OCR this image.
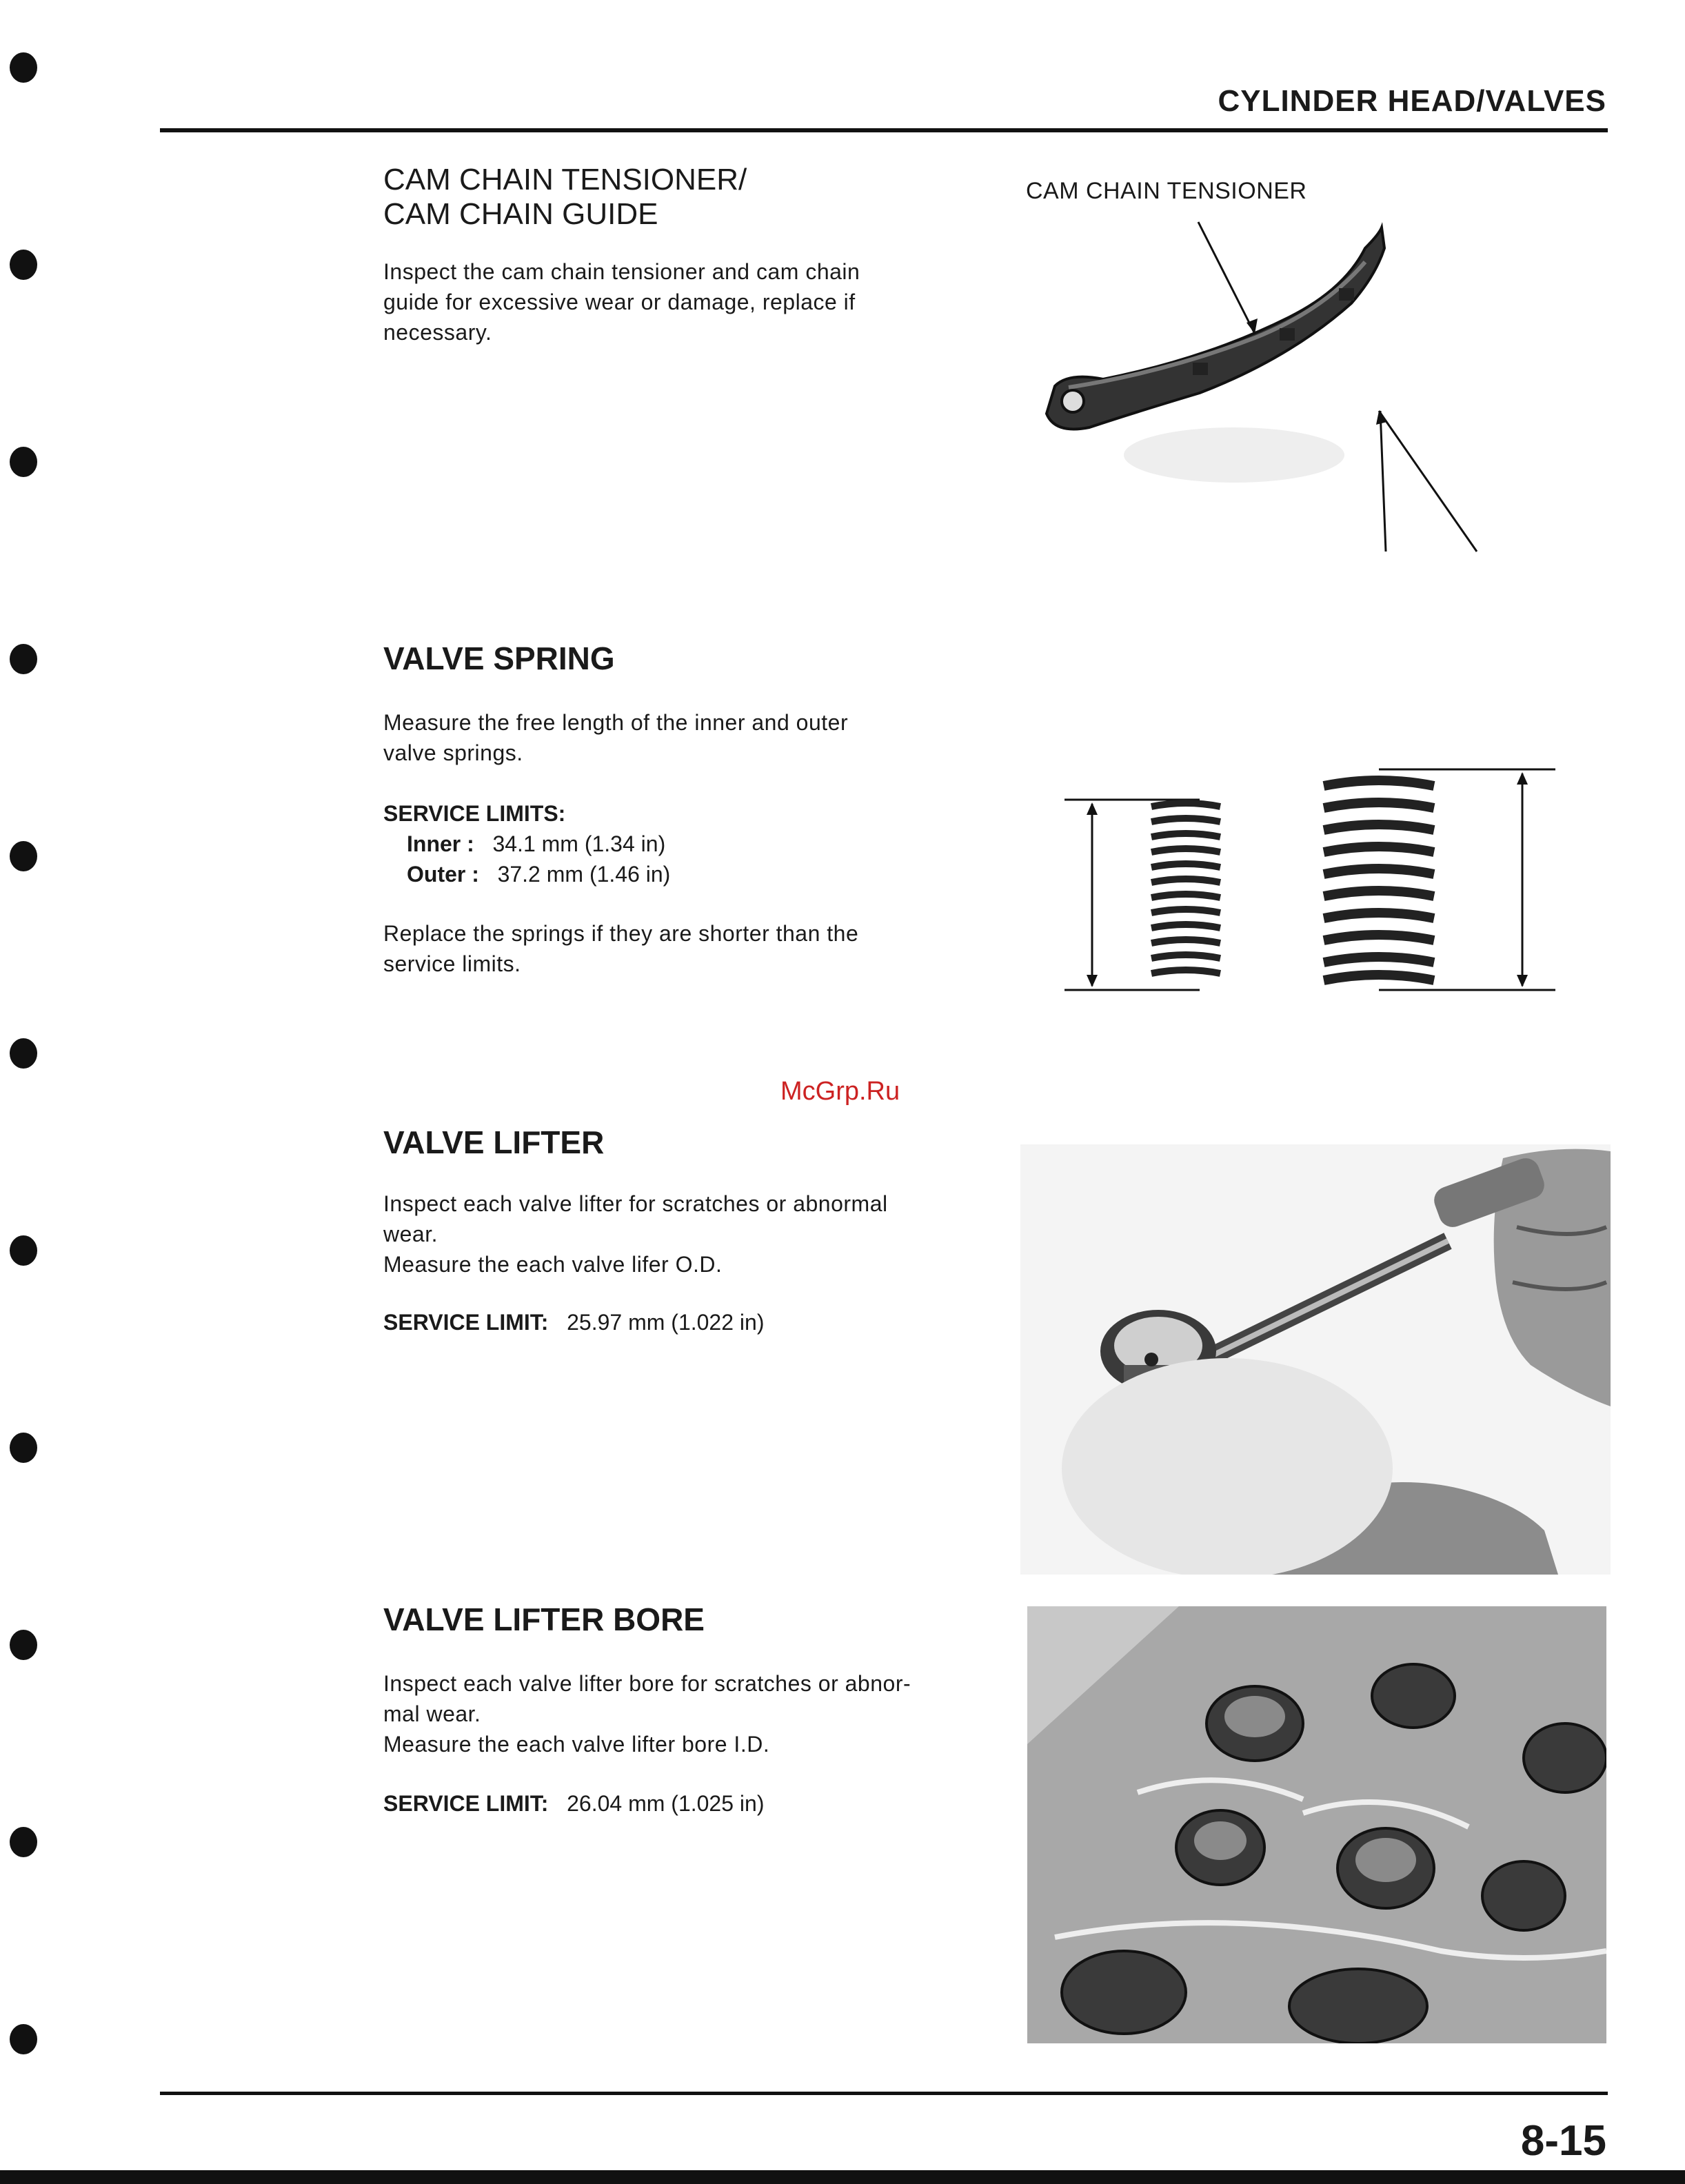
CYLINDER HEAD/VALVES
CAM CHAIN TENSIONER/
CAM CHAIN GUIDE
Inspect the cam chain tensioner and cam chain
guide for excessive wear or damage, replace if
necessary.
CAM CHAIN TENSIONER
VALVE SPRING
Measure the free length of the inner and outer
valve springs.
SERVICE LIMITS:
Inner : 34.1 mm (1.34 in)
Outer : 37.2 mm (1.46 in)
Replace the springs if they are shorter than the
service limits.
McGrp.Ru
VALVE LIFTER
Inspect each valve lifter for scratches or abnormal
wear.
Measure the each valve lifer O.D.
SERVICE LIMIT: 25.97 mm (1.022 in)
VALVE LIFTER BORE
Inspect each valve lifter bore for scratches or abnor-
mal wear.
Measure the each valve lifter bore I.D.
SERVICE LIMIT: 26.04 mm (1.025 in)
8-15
